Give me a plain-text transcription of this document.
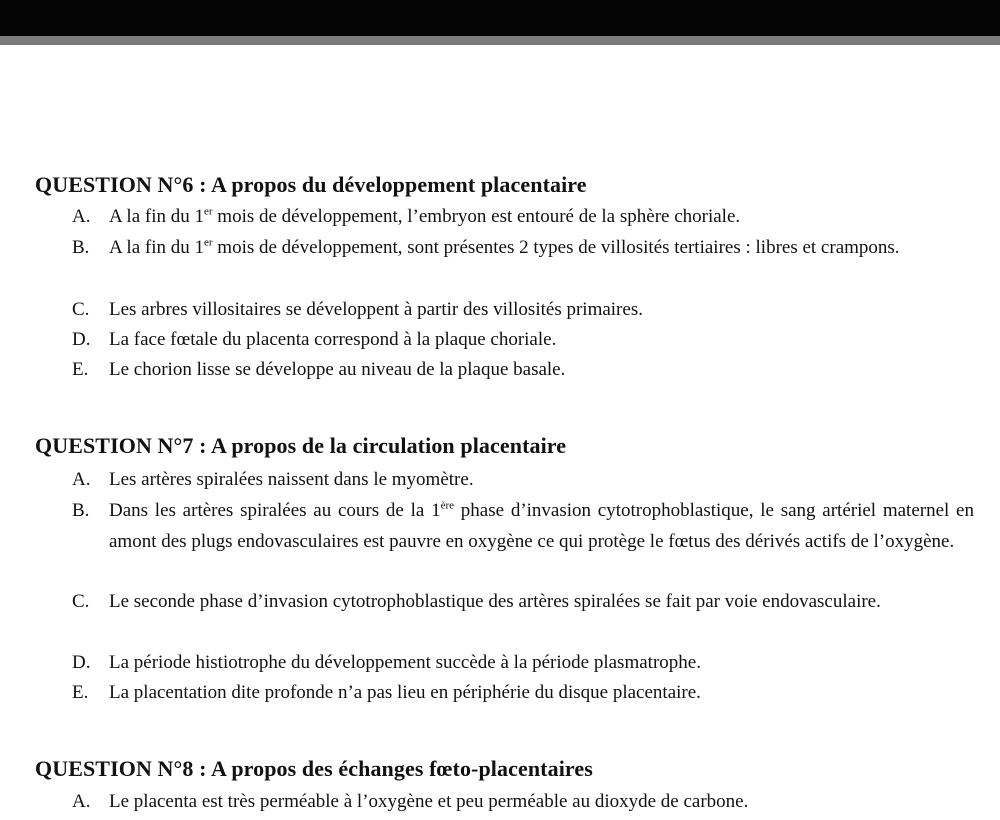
QUESTION N°6 : A propos du développement placentaire
A. A la fin du 1er mois de développement, l’embryon est entouré de la sphère choriale.
B. A la fin du 1er mois de développement, sont présentes 2 types de villosités tertiaires : libres et crampons.
C. Les arbres villositaires se développent à partir des villosités primaires.
D. La face fœtale du placenta correspond à la plaque choriale.
E. Le chorion lisse se développe au niveau de la plaque basale.
QUESTION N°7 : A propos de la circulation placentaire
A. Les artères spiralées naissent dans le myomètre.
B. Dans les artères spiralées au cours de la 1ère phase d’invasion cytotrophoblastique, le sang artériel maternel en amont des plugs endovasculaires est pauvre en oxygène ce qui protège le fœtus des dérivés actifs de l’oxygène.
C. Le seconde phase d’invasion cytotrophoblastique des artères spiralées se fait par voie endovasculaire.
D. La période histiotrophe du développement succède à la période plasmatrophe.
E. La placentation dite profonde n’a pas lieu en périphérie du disque placentaire.
QUESTION N°8 : A propos des échanges fœto-placentaires
A. Le placenta est très perméable à l’oxygène et peu perméable au dioxyde de carbone.
